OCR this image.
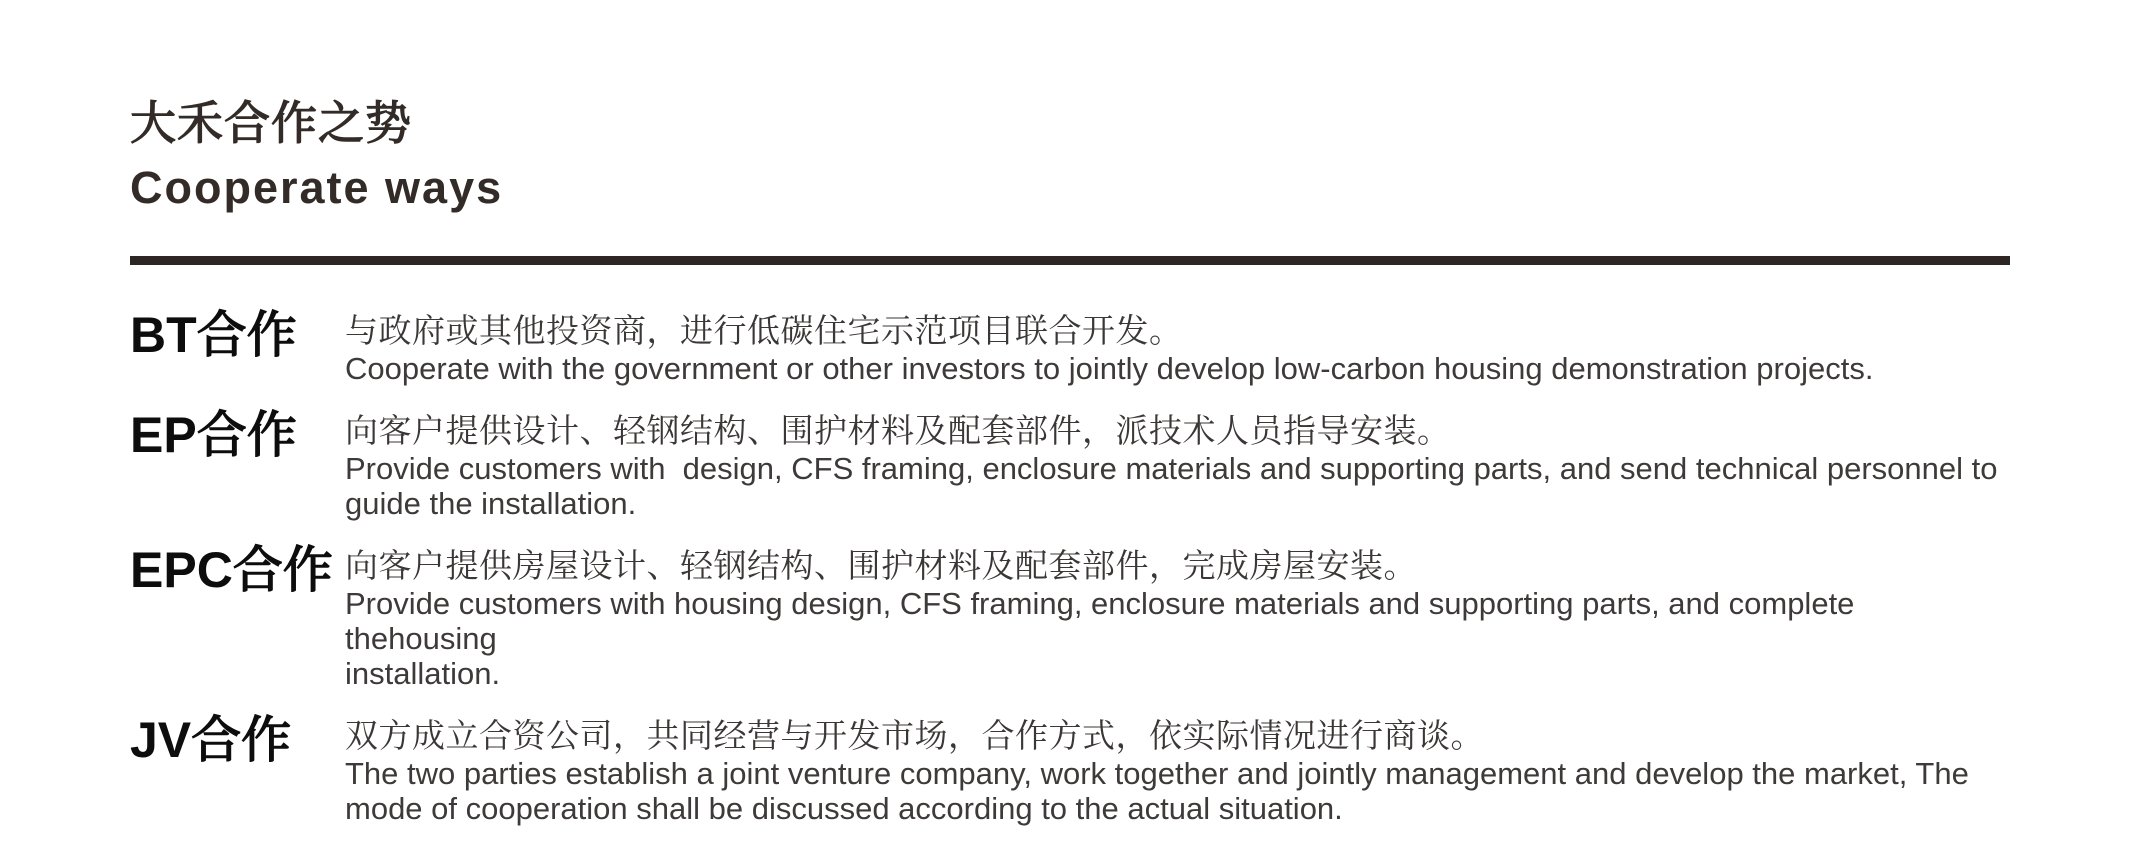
大禾合作之势
Cooperate ways
BT合作	与政府或其他投资商，进行低碳住宅示范项目联合开发。

Cooperate with the government or other investors to jointly develop low-carbon housing demonstration projects.

EP合作	向客户提供设计、轻钢结构、围护材料及配套部件，派技术人员指导安装。

Provide customers with  design, CFS framing, enclosure materials and supporting parts, and send technical personnel to

guide the installation.

EPC合作 向客户提供房屋设计、轻钢结构、围护材料及配套部件，完成房屋安装。

Provide customers with housing design, CFS framing, enclosure materials and supporting parts, and complete thehousing

installation.

JV合作	双方成立合资公司，共同经营与开发市场，合作方式，依实际情况进行商谈。

The two parties establish a joint venture company, work together and jointly management and develop the market, The

mode of cooperation shall be discussed according to the actual situation.
